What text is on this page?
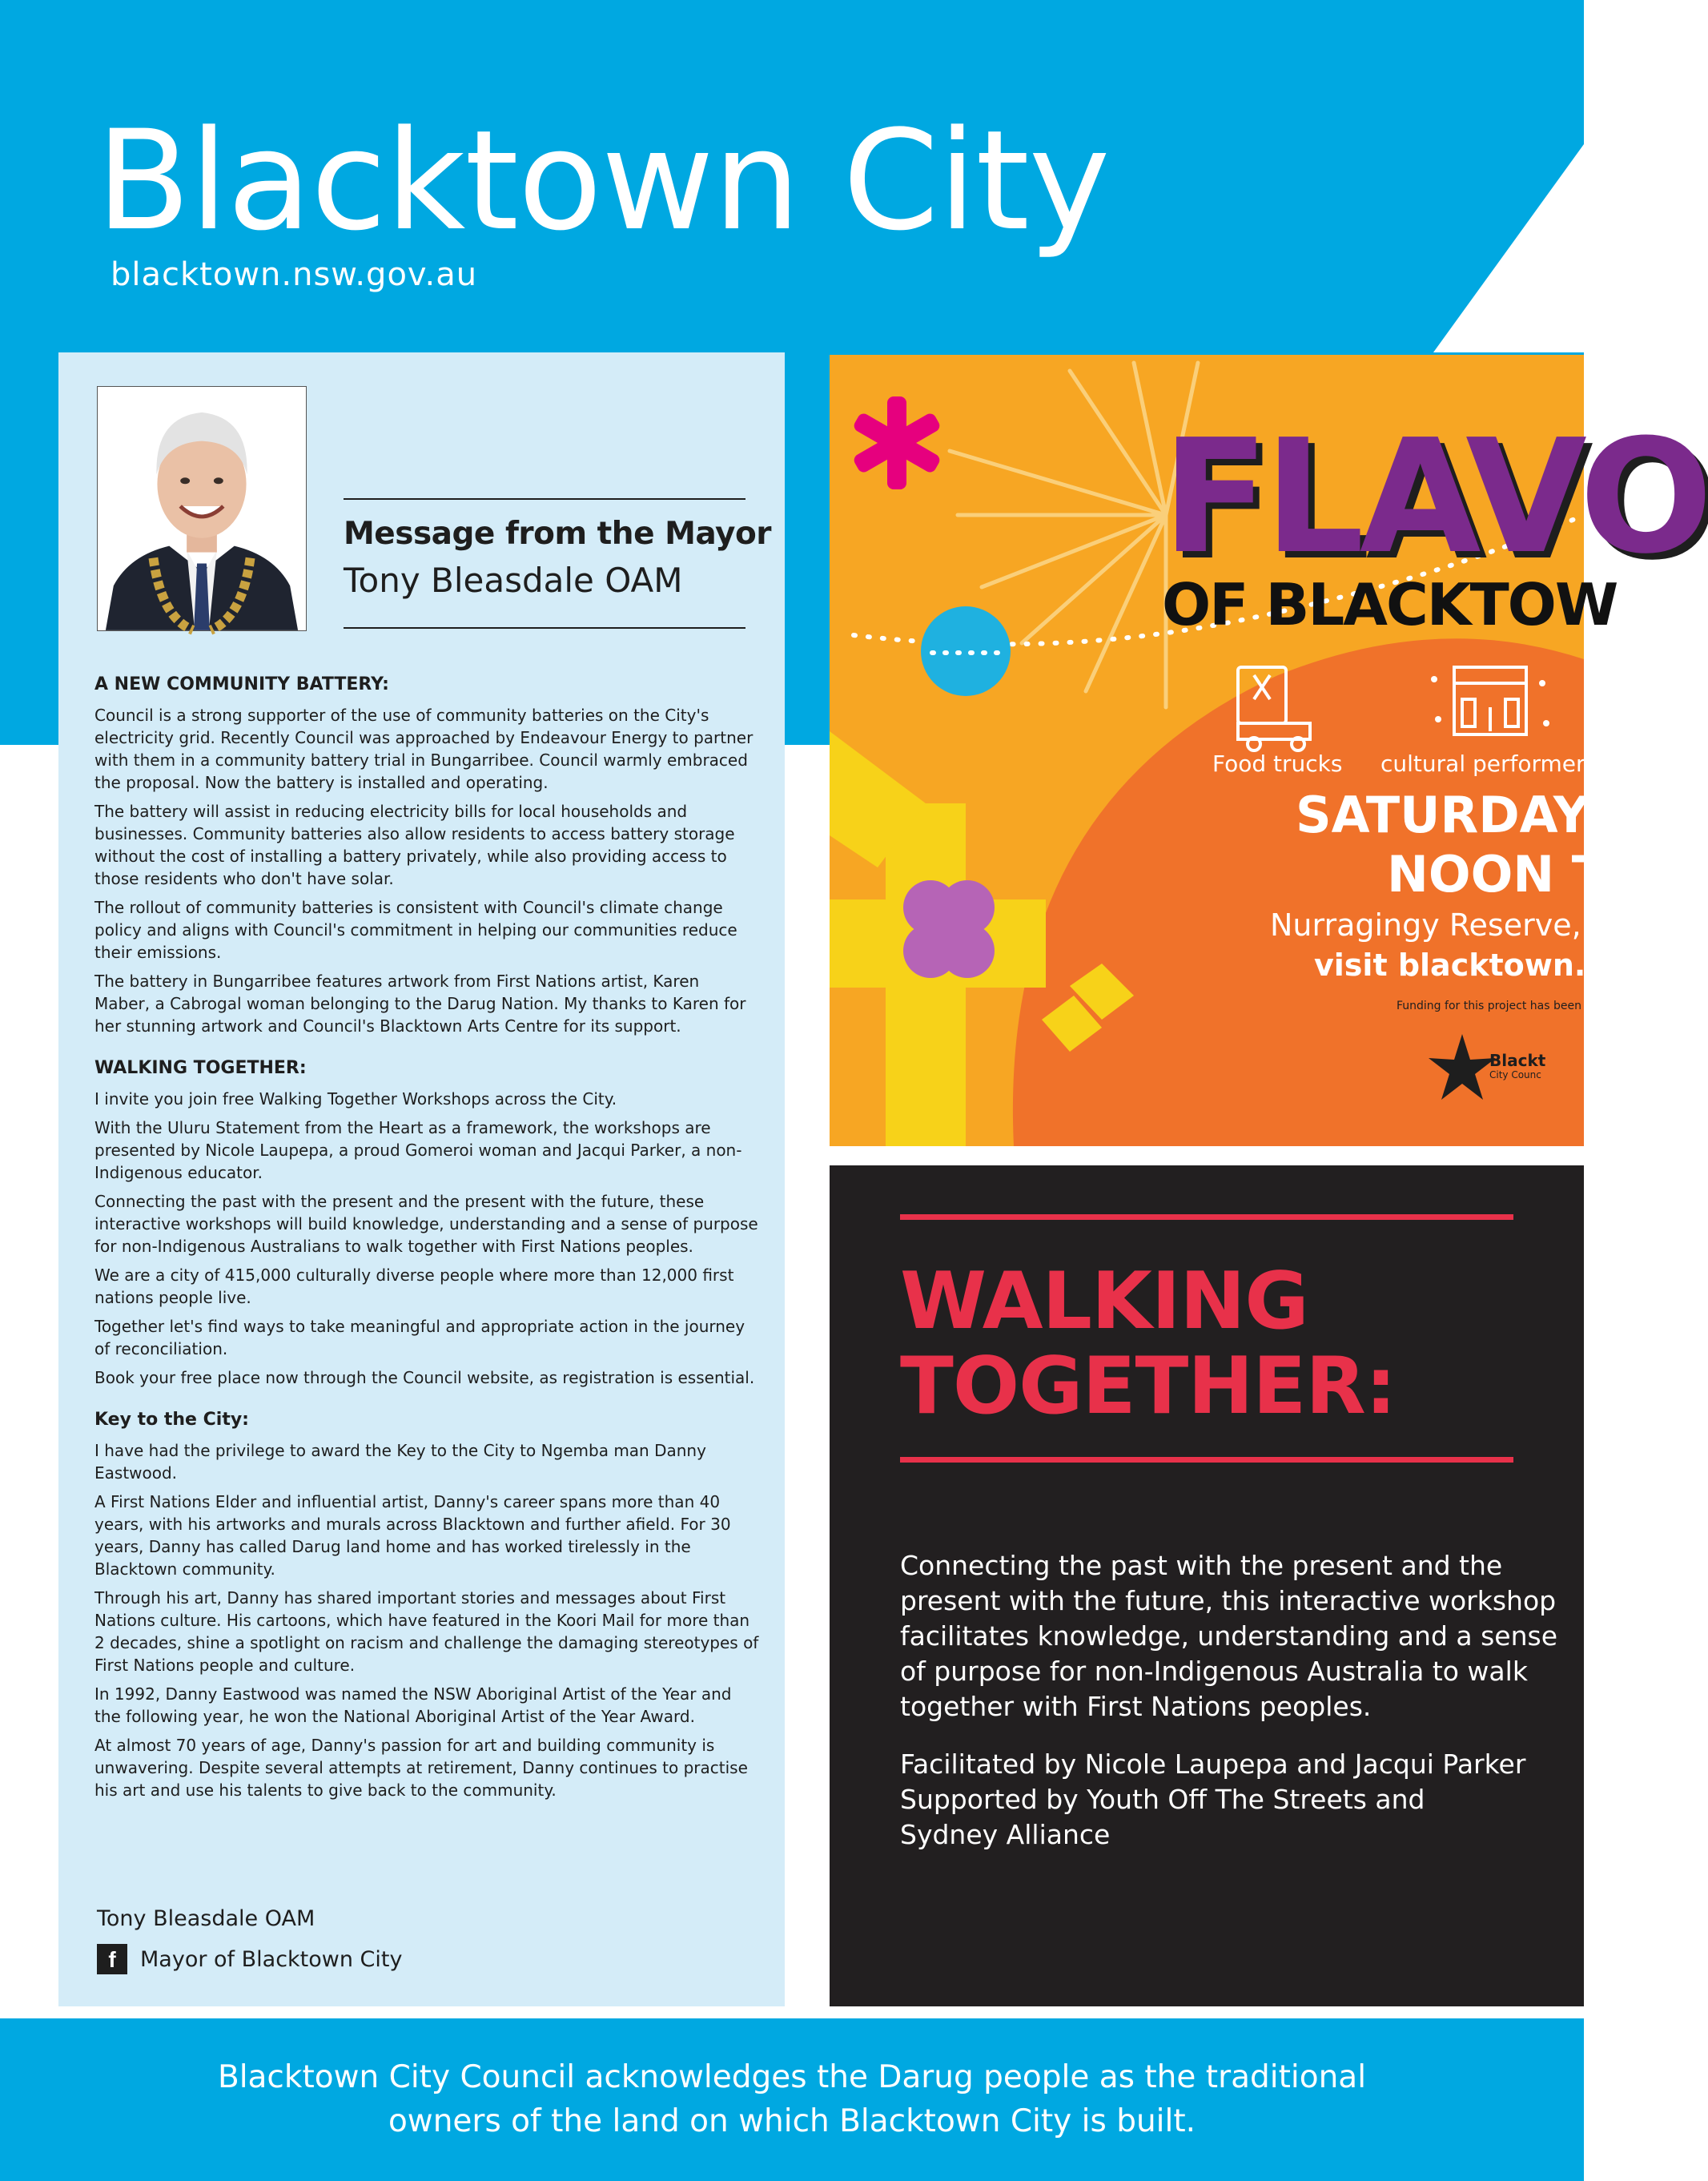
Blacktown City
blacktown.nsw.gov.au
Message from the Mayor
Tony Bleasdale OAM
A NEW COMMUNITY BATTERY:

Council is a strong supporter of the use of community batteries on the City's electricity grid. Recently Council was approached by Endeavour Energy to partner with them in a community battery trial in Bungarribee. Council warmly embraced the proposal. Now the battery is installed and operating.

The battery will assist in reducing electricity bills for local households and businesses. Community batteries also allow residents to access battery storage without the cost of installing a battery privately, while also providing access to those residents who don't have solar.

The rollout of community batteries is consistent with Council's climate change policy and aligns with Council's commitment in helping our communities reduce their emissions.

The battery in Bungarribee features artwork from First Nations artist, Karen Maber, a Cabrogal woman belonging to the Darug Nation. My thanks to Karen for her stunning artwork and Council's Blacktown Arts Centre for its support.

WALKING TOGETHER:

I invite you join free Walking Together Workshops across the City.

With the Uluru Statement from the Heart as a framework, the workshops are presented by Nicole Laupepa, a proud Gomeroi woman and Jacqui Parker, a non-Indigenous educator.

Connecting the past with the present and the present with the future, these interactive workshops will build knowledge, understanding and a sense of purpose for non-Indigenous Australians to walk together with First Nations peoples.

We are a city of 415,000 culturally diverse people where more than 12,000 first nations people live.

Together let's find ways to take meaningful and appropriate action in the journey of reconciliation.

Book your free place now through the Council website, as registration is essential.

Key to the City:

I have had the privilege to award the Key to the City to Ngemba man Danny Eastwood.

A First Nations Elder and influential artist, Danny's career spans more than 40 years, with his artworks and murals across Blacktown and further afield. For 30 years, Danny has called Darug land home and has worked tirelessly in the Blacktown community.

Through his art, Danny has shared important stories and messages about First Nations culture. His cartoons, which have featured in the Koori Mail for more than 2 decades, shine a spotlight on racism and challenge the damaging stereotypes of First Nations people and culture.

In 1992, Danny Eastwood was named the NSW Aboriginal Artist of the Year and the following year, he won the National Aboriginal Artist of the Year Award.

At almost 70 years of age, Danny's passion for art and building community is unwavering. Despite several attempts at retirement, Danny continues to practise his art and use his talents to give back to the community.

Tony Bleasdale OAM
f	Mayor of Blacktown City
FLAVO
OF BLACKTOW
Food trucks cultural performers
SATURDAY
NOON T
Nurragingy Reserve,
visit blacktown.ns
Funding for this project has been
Blackt
City Counc
WALKING
TOGETHER:

Connecting the past with the present and the
present with the future, this interactive workshop
facilitates knowledge, understanding and a sense
of purpose for non-Indigenous Australia to walk
together with First Nations peoples.

Facilitated by Nicole Laupepa and Jacqui Parker
Supported by Youth Off The Streets and
Sydney Alliance

Blacktown City Council acknowledges the Darug people as the traditional
owners of the land on which Blacktown City is built.
